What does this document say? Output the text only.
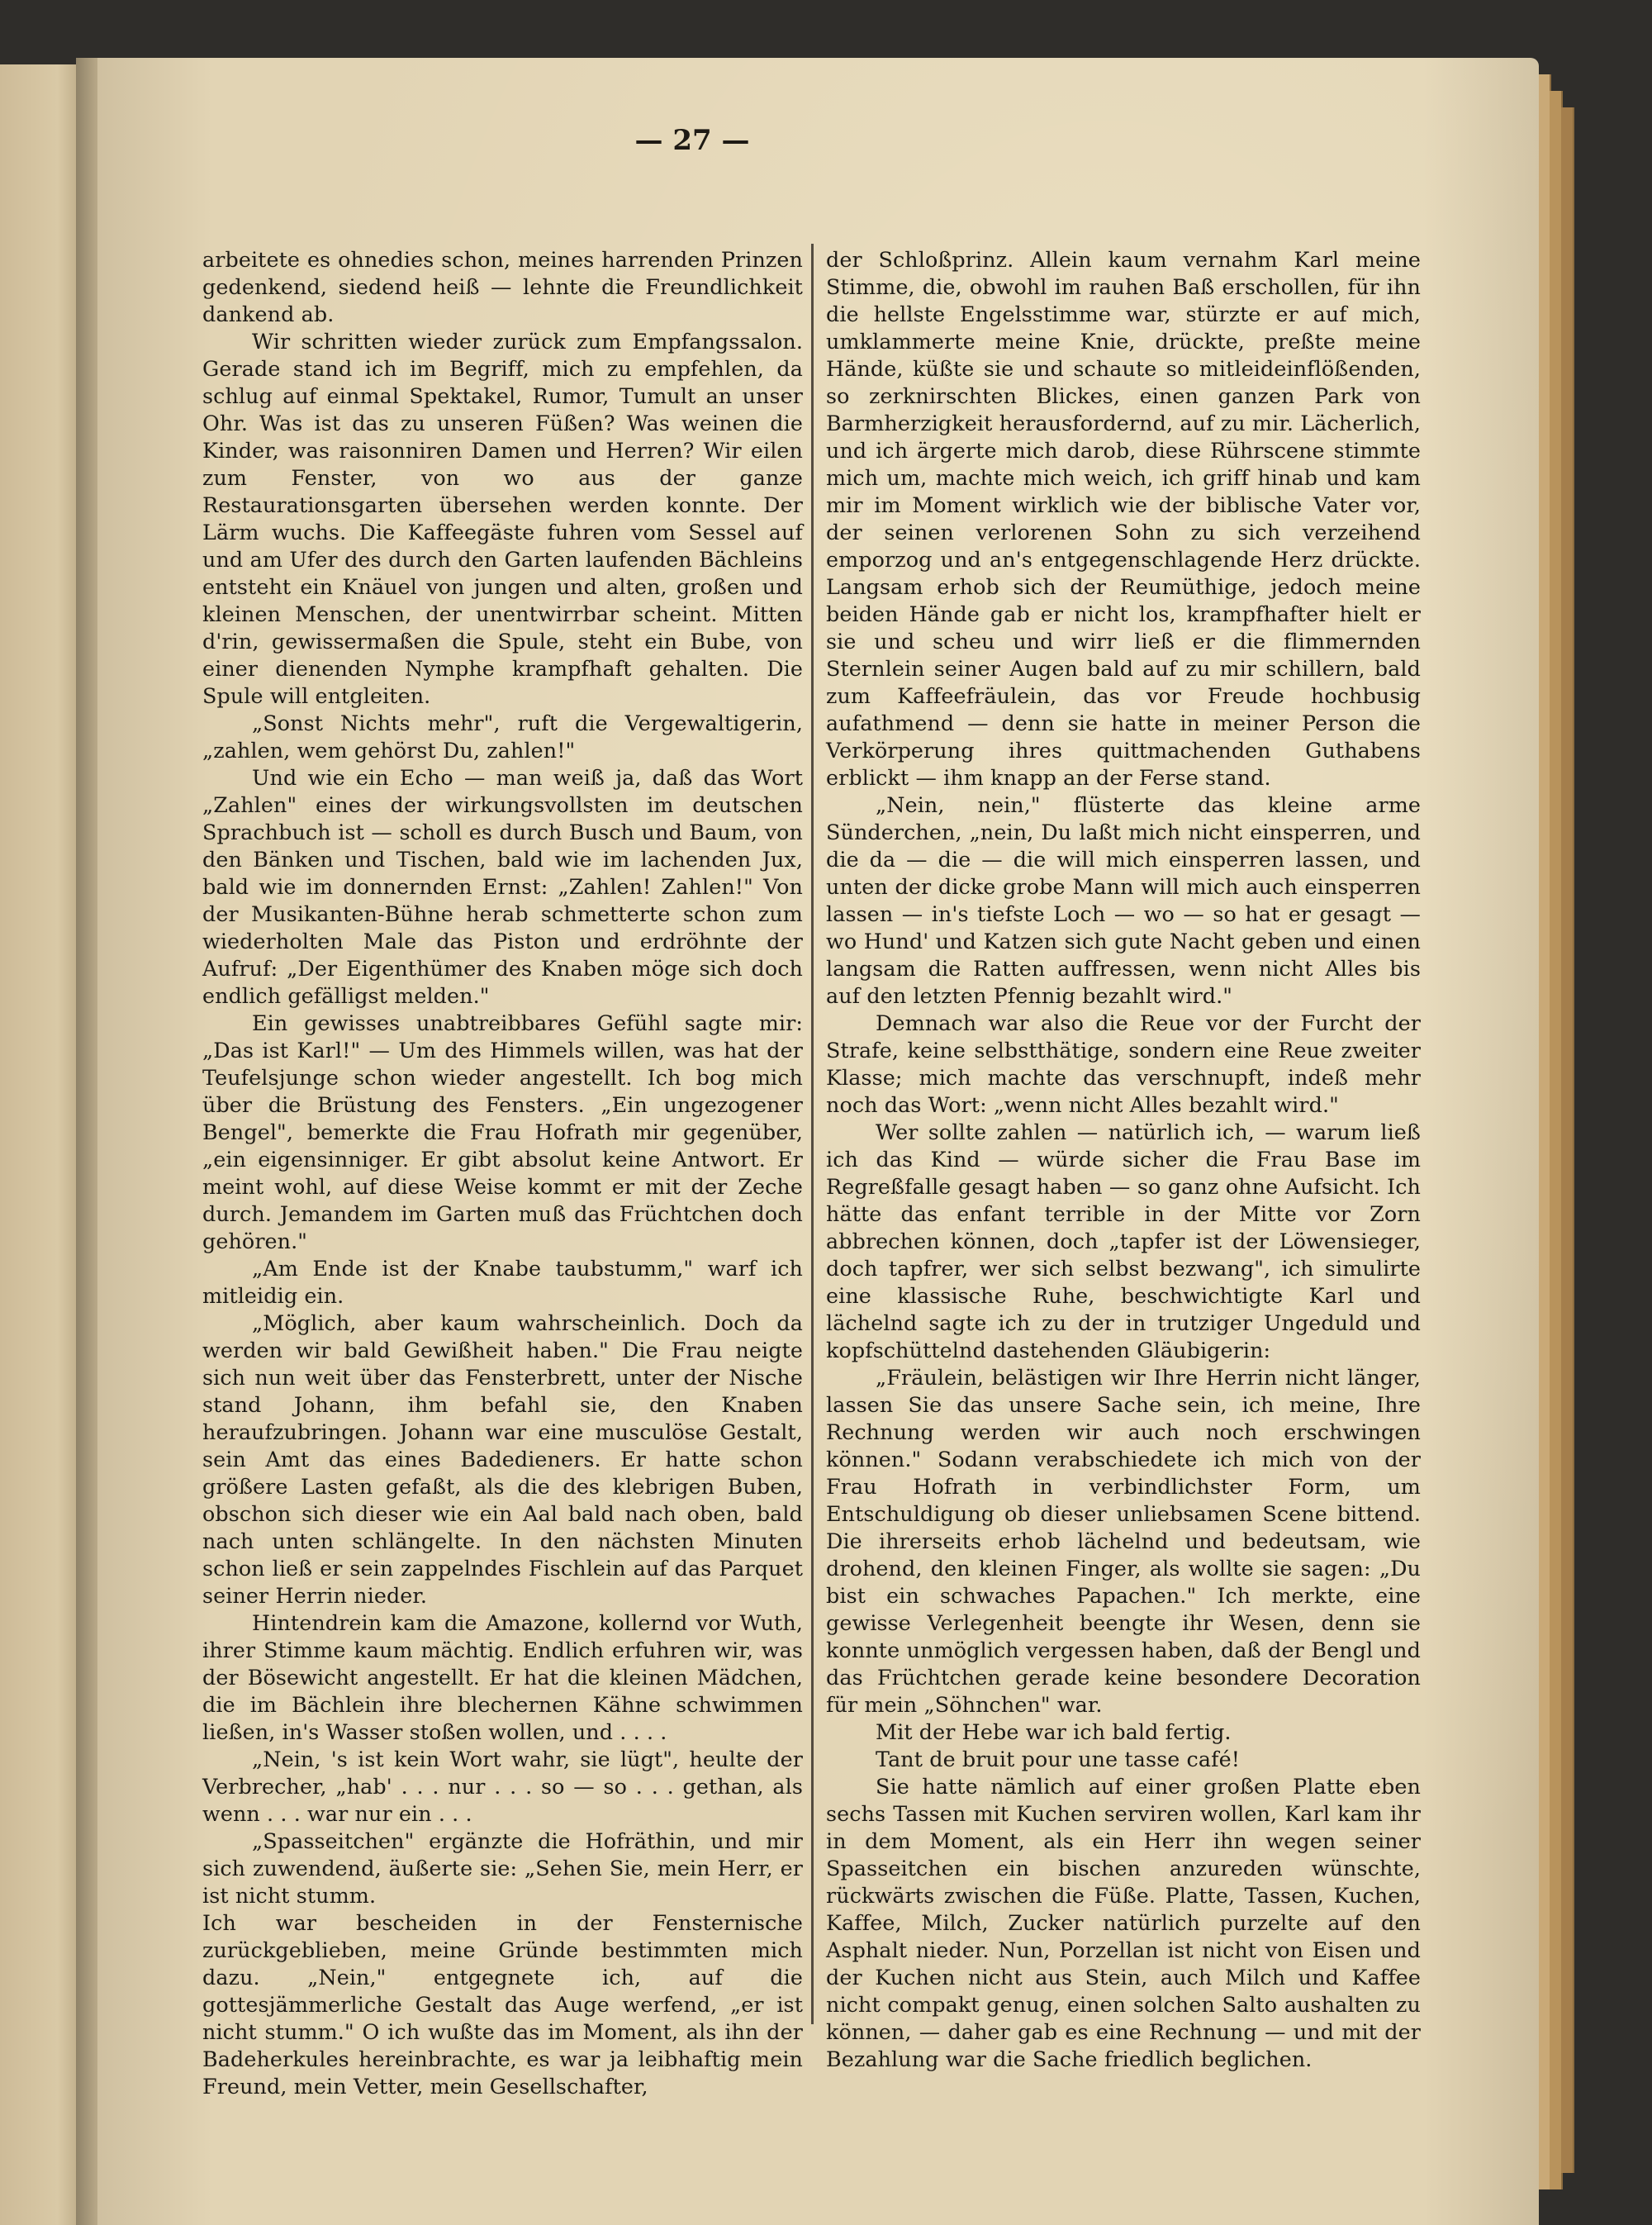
— 27 —

arbeitete es ohnedies schon, meines harrenden Prinzen gedenkend, siedend heiß — lehnte die Freundlichkeit dankend ab.

Wir schritten wieder zurück zum Empfangssalon. Gerade stand ich im Begriff, mich zu empfehlen, da schlug auf einmal Spektakel, Rumor, Tumult an unser Ohr. Was ist das zu unseren Füßen? Was weinen die Kinder, was raisonniren Damen und Herren? Wir eilen zum Fenster, von wo aus der ganze Restaurationsgarten übersehen werden konnte. Der Lärm wuchs. Die Kaffeegäste fuhren vom Sessel auf und am Ufer des durch den Garten laufenden Bächleins entsteht ein Knäuel von jungen und alten, großen und kleinen Menschen, der unentwirrbar scheint. Mitten d'rin, gewissermaßen die Spule, steht ein Bube, von einer dienenden Nymphe krampfhaft gehalten. Die Spule will entgleiten.

„Sonst Nichts mehr", ruft die Vergewaltigerin, „zahlen, wem gehörst Du, zahlen!"

Und wie ein Echo — man weiß ja, daß das Wort „Zahlen" eines der wirkungsvollsten im deutschen Sprachbuch ist — scholl es durch Busch und Baum, von den Bänken und Tischen, bald wie im lachenden Jux, bald wie im donnernden Ernst: „Zahlen! Zahlen!" Von der Musikanten-Bühne herab schmetterte schon zum wiederholten Male das Piston und erdröhnte der Aufruf: „Der Eigenthümer des Knaben möge sich doch endlich gefälligst melden."

Ein gewisses unabtreibbares Gefühl sagte mir: „Das ist Karl!" — Um des Himmels willen, was hat der Teufelsjunge schon wieder angestellt. Ich bog mich über die Brüstung des Fensters. „Ein ungezogener Bengel", bemerkte die Frau Hofrath mir gegenüber, „ein eigensinniger. Er gibt absolut keine Antwort. Er meint wohl, auf diese Weise kommt er mit der Zeche durch. Jemandem im Garten muß das Früchtchen doch gehören."

„Am Ende ist der Knabe taubstumm," warf ich mitleidig ein.

„Möglich, aber kaum wahrscheinlich. Doch da werden wir bald Gewißheit haben." Die Frau neigte sich nun weit über das Fensterbrett, unter der Nische stand Johann, ihm befahl sie, den Knaben heraufzubringen. Johann war eine musculöse Gestalt, sein Amt das eines Badedieners. Er hatte schon größere Lasten gefaßt, als die des klebrigen Buben, obschon sich dieser wie ein Aal bald nach oben, bald nach unten schlängelte. In den nächsten Minuten schon ließ er sein zappelndes Fischlein auf das Parquet seiner Herrin nieder.

Hintendrein kam die Amazone, kollernd vor Wuth, ihrer Stimme kaum mächtig. Endlich erfuhren wir, was der Bösewicht angestellt. Er hat die kleinen Mädchen, die im Bächlein ihre blechernen Kähne schwimmen ließen, in's Wasser stoßen wollen, und . . . .

„Nein, 's ist kein Wort wahr, sie lügt", heulte der Verbrecher, „hab' . . . nur . . . so — so . . . gethan, als wenn . . . war nur ein . . .

„Spasseitchen" ergänzte die Hofräthin, und mir sich zuwendend, äußerte sie: „Sehen Sie, mein Herr, er ist nicht stumm.

Ich war bescheiden in der Fensternische zurückgeblieben, meine Gründe bestimmten mich dazu. „Nein," entgegnete ich, auf die gottesjämmerliche Gestalt das Auge werfend, „er ist nicht stumm." O ich wußte das im Moment, als ihn der Badeherkules hereinbrachte, es war ja leibhaftig mein Freund, mein Vetter, mein Gesellschafter,

der Schloßprinz. Allein kaum vernahm Karl meine Stimme, die, obwohl im rauhen Baß erschollen, für ihn die hellste Engelsstimme war, stürzte er auf mich, umklammerte meine Knie, drückte, preßte meine Hände, küßte sie und schaute so mitleideinflößenden, so zerknirschten Blickes, einen ganzen Park von Barmherzigkeit herausfordernd, auf zu mir. Lächerlich, und ich ärgerte mich darob, diese Rührscene stimmte mich um, machte mich weich, ich griff hinab und kam mir im Moment wirklich wie der biblische Vater vor, der seinen verlorenen Sohn zu sich verzeihend emporzog und an's entgegenschlagende Herz drückte. Langsam erhob sich der Reumüthige, jedoch meine beiden Hände gab er nicht los, krampfhafter hielt er sie und scheu und wirr ließ er die flimmernden Sternlein seiner Augen bald auf zu mir schillern, bald zum Kaffeefräulein, das vor Freude hochbusig aufathmend — denn sie hatte in meiner Person die Verkörperung ihres quittmachenden Guthabens erblickt — ihm knapp an der Ferse stand.

„Nein, nein," flüsterte das kleine arme Sünderchen, „nein, Du laßt mich nicht einsperren, und die da — die — die will mich einsperren lassen, und unten der dicke grobe Mann will mich auch einsperren lassen — in's tiefste Loch — wo — so hat er gesagt — wo Hund' und Katzen sich gute Nacht geben und einen langsam die Ratten auffressen, wenn nicht Alles bis auf den letzten Pfennig bezahlt wird."

Demnach war also die Reue vor der Furcht der Strafe, keine selbstthätige, sondern eine Reue zweiter Klasse; mich machte das verschnupft, indeß mehr noch das Wort: „wenn nicht Alles bezahlt wird."

Wer sollte zahlen — natürlich ich, — warum ließ ich das Kind — würde sicher die Frau Base im Regreßfalle gesagt haben — so ganz ohne Aufsicht. Ich hätte das enfant terrible in der Mitte vor Zorn abbrechen können, doch „tapfer ist der Löwensieger, doch tapfrer, wer sich selbst bezwang", ich simulirte eine klassische Ruhe, beschwichtigte Karl und lächelnd sagte ich zu der in trutziger Ungeduld und kopfschüttelnd dastehenden Gläubigerin:

„Fräulein, belästigen wir Ihre Herrin nicht länger, lassen Sie das unsere Sache sein, ich meine, Ihre Rechnung werden wir auch noch erschwingen können." Sodann verabschiedete ich mich von der Frau Hofrath in verbindlichster Form, um Entschuldigung ob dieser unliebsamen Scene bittend. Die ihrerseits erhob lächelnd und bedeutsam, wie drohend, den kleinen Finger, als wollte sie sagen: „Du bist ein schwaches Papachen." Ich merkte, eine gewisse Verlegenheit beengte ihr Wesen, denn sie konnte unmöglich vergessen haben, daß der Bengl und das Früchtchen gerade keine besondere Decoration für mein „Söhnchen" war.

Mit der Hebe war ich bald fertig.

Tant de bruit pour une tasse café!

Sie hatte nämlich auf einer großen Platte eben sechs Tassen mit Kuchen serviren wollen, Karl kam ihr in dem Moment, als ein Herr ihn wegen seiner Spasseitchen ein bischen anzureden wünschte, rückwärts zwischen die Füße. Platte, Tassen, Kuchen, Kaffee, Milch, Zucker natürlich purzelte auf den Asphalt nieder. Nun, Porzellan ist nicht von Eisen und der Kuchen nicht aus Stein, auch Milch und Kaffee nicht compakt genug, einen solchen Salto aushalten zu können, — daher gab es eine Rechnung — und mit der Bezahlung war die Sache friedlich beglichen.
